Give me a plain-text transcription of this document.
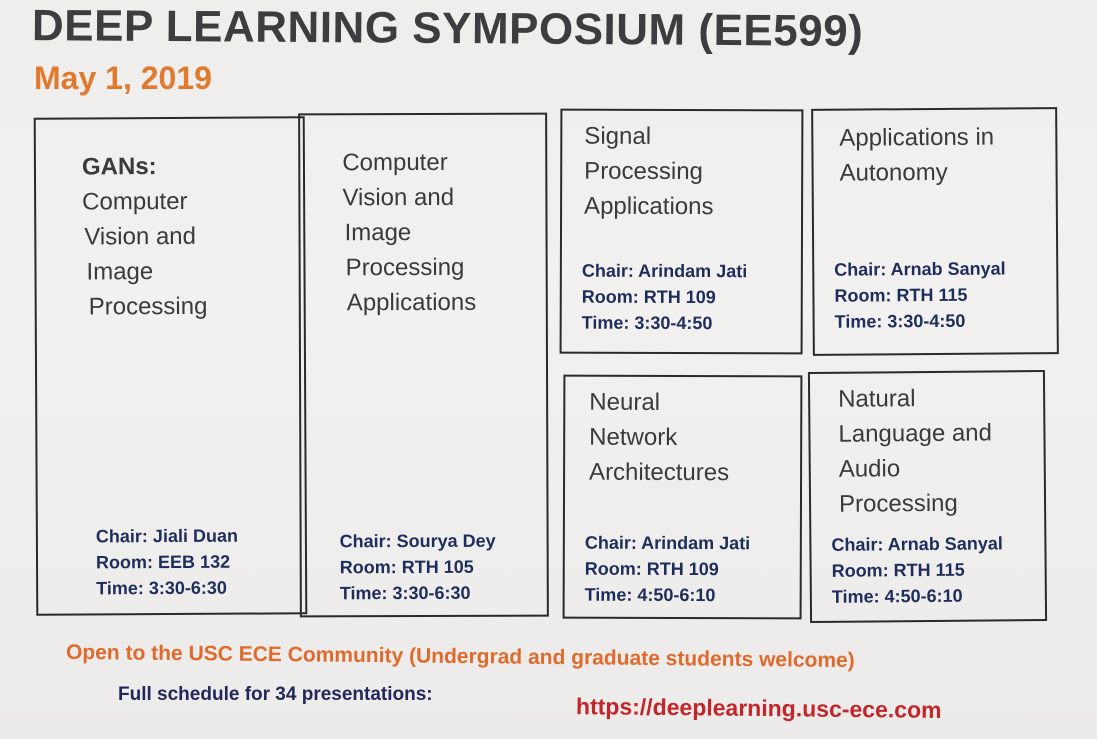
DEEP LEARNING SYMPOSIUM (EE599)
May 1, 2019
GANs:
Computer
Vision and
Image
Processing
Chair: Jiali Duan
Room: EEB 132
Time: 3:30-6:30
Computer
Vision and
Image
Processing
Applications
Chair: Sourya Dey
Room: RTH 105
Time: 3:30-6:30
Signal
Processing
Applications
Chair: Arindam Jati
Room: RTH 109
Time: 3:30-4:50
Applications in
Autonomy
Chair: Arnab Sanyal
Room: RTH 115
Time: 3:30-4:50
Neural
Network
Architectures
Chair: Arindam Jati
Room: RTH 109
Time: 4:50-6:10
Natural
Language and
Audio
Processing
Chair: Arnab Sanyal
Room: RTH 115
Time: 4:50-6:10
Open to the USC ECE Community (Undergrad and graduate students welcome)
Full schedule for 34 presentations:	https://deeplearning.usc-ece.com
